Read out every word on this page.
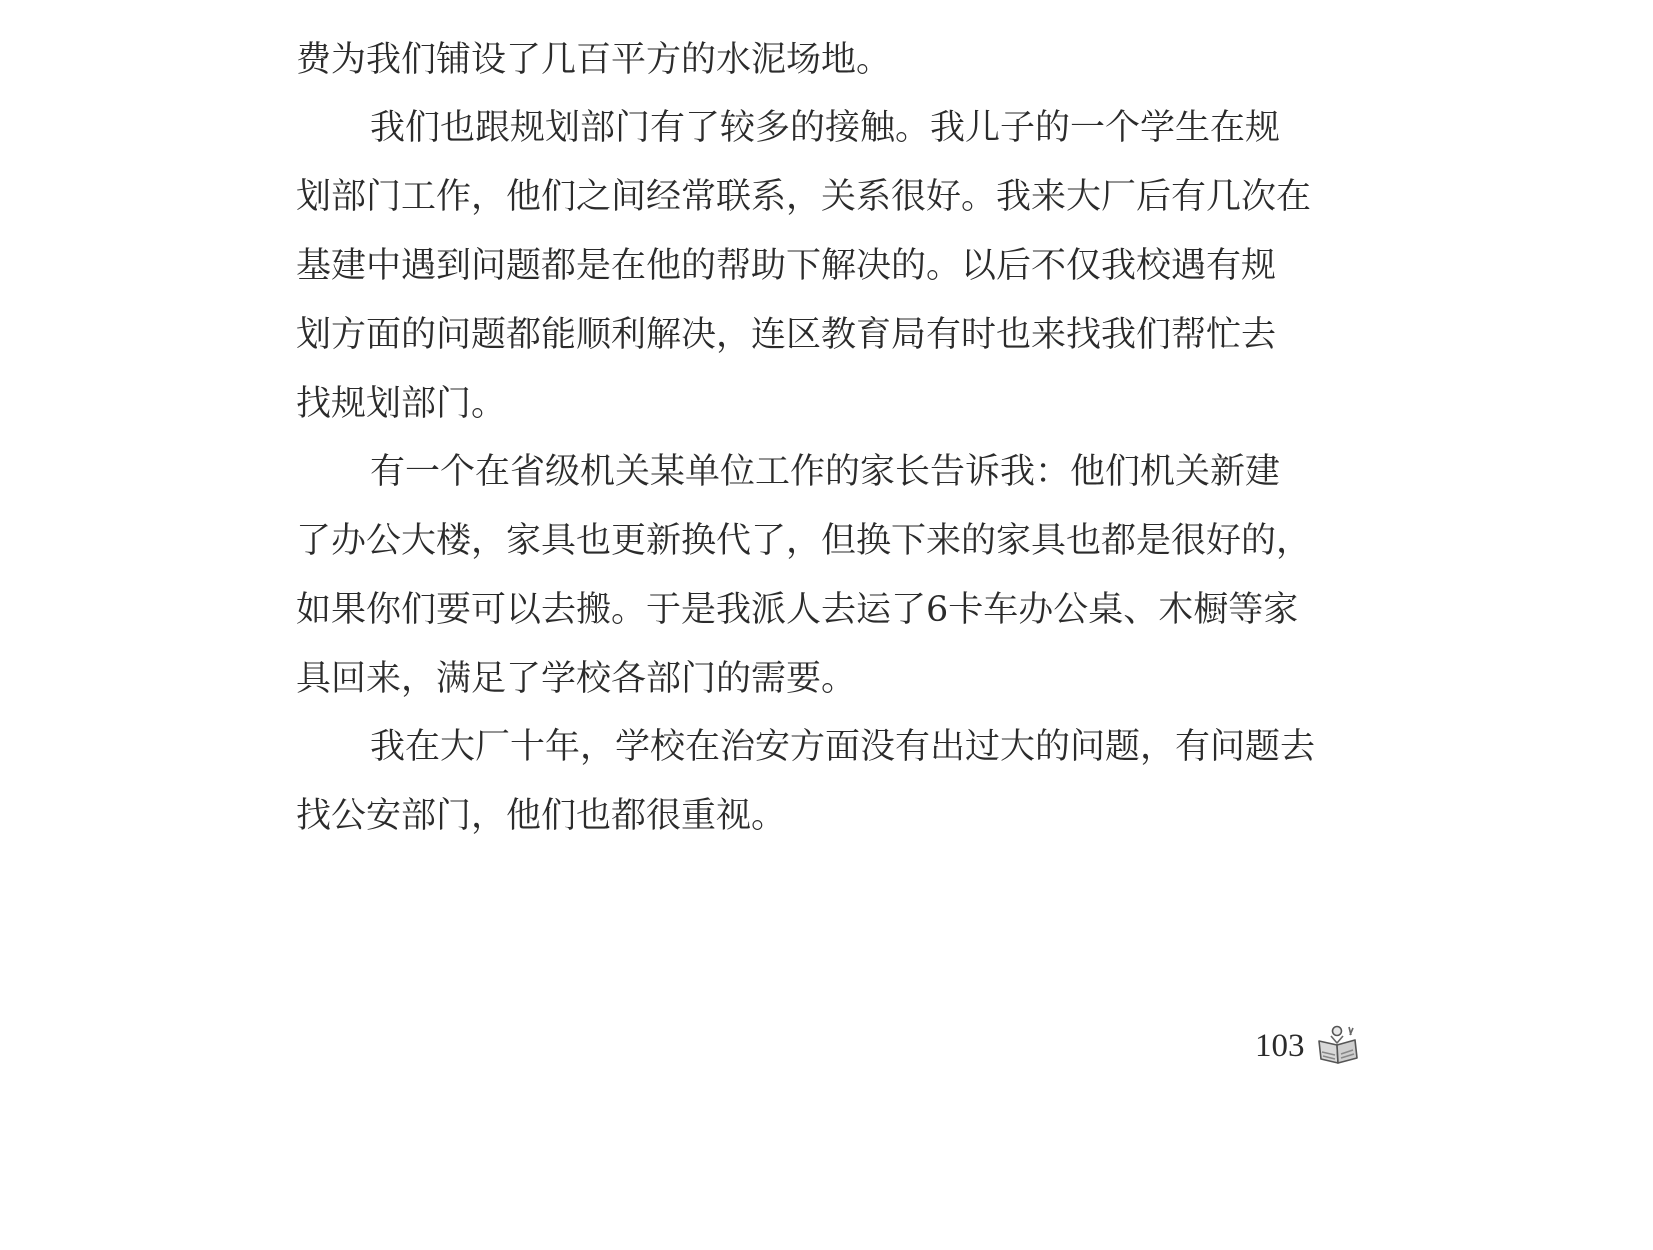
费为我们铺设了几百平方的水泥场地。
我们也跟规划部门有了较多的接触。我儿子的一个学生在规
划部门工作，他们之间经常联系，关系很好。我来大厂后有几次在
基建中遇到问题都是在他的帮助下解决的。以后不仅我校遇有规
划方面的问题都能顺利解决，连区教育局有时也来找我们帮忙去
找规划部门。
有一个在省级机关某单位工作的家长告诉我：他们机关新建
了办公大楼，家具也更新换代了，但换下来的家具也都是很好的，
如果你们要可以去搬。于是我派人去运了6卡车办公桌、木橱等家
具回来，满足了学校各部门的需要。
我在大厂十年，学校在治安方面没有出过大的问题，有问题去
找公安部门，他们也都很重视。
103
